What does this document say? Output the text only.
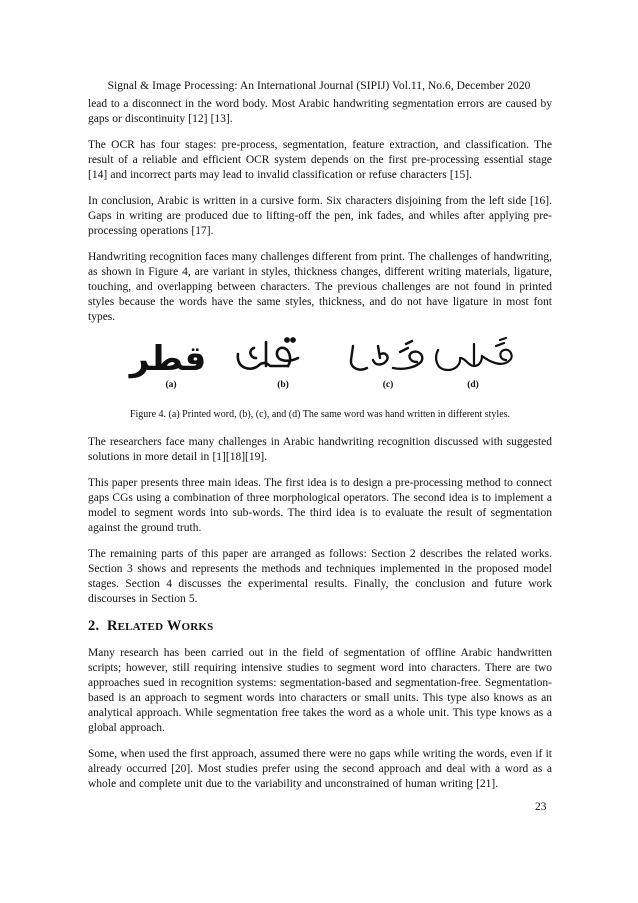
Signal & Image Processing: An International Journal (SIPIJ) Vol.11, No.6, December 2020

lead to a disconnect in the word body. Most Arabic handwriting segmentation errors are caused by gaps or discontinuity [12] [13].

The OCR has four stages: pre-process, segmentation, feature extraction, and classification. The result of a reliable and efficient OCR system depends on the first pre-processing essential stage [14] and incorrect parts may lead to invalid classification or refuse characters [15].

In conclusion, Arabic is written in a cursive form. Six characters disjoining from the left side [16]. Gaps in writing are produced due to lifting-off the pen, ink fades, and whiles after applying pre-processing operations [17].

Handwriting recognition faces many challenges different from print. The challenges of handwriting, as shown in Figure 4, are variant in styles, thickness changes, different writing materials, ligature, touching, and overlapping between characters. The previous challenges are not found in printed styles because the words have the same styles, thickness, and do not have ligature in most font types.

قطر
(a)	(b)	(c)	(d)

Figure 4. (a) Printed word, (b), (c), and (d) The same word was hand written in different styles.

The researchers face many challenges in Arabic handwriting recognition discussed with suggested solutions in more detail in [1][18][19].

This paper presents three main ideas. The first idea is to design a pre-processing method to connect gaps CGs using a combination of three morphological operators. The second idea is to implement a model to segment words into sub-words. The third idea is to evaluate the result of segmentation against the ground truth.

The remaining parts of this paper are arranged as follows: Section 2 describes the related works. Section 3 shows and represents the methods and techniques implemented in the proposed model stages. Section 4 discusses the experimental results. Finally, the conclusion and future work discourses in Section 5.

2. RELATED WORKS

Many research has been carried out in the field of segmentation of offline Arabic handwritten scripts; however, still requiring intensive studies to segment word into characters. There are two approaches sued in recognition systems: segmentation-based and segmentation-free. Segmentation-based is an approach to segment words into characters or small units. This type also knows as an analytical approach. While segmentation free takes the word as a whole unit. This type knows as a global approach.

Some, when used the first approach, assumed there were no gaps while writing the words, even if it already occurred [20]. Most studies prefer using the second approach and deal with a word as a whole and complete unit due to the variability and unconstrained of human writing [21].

23
